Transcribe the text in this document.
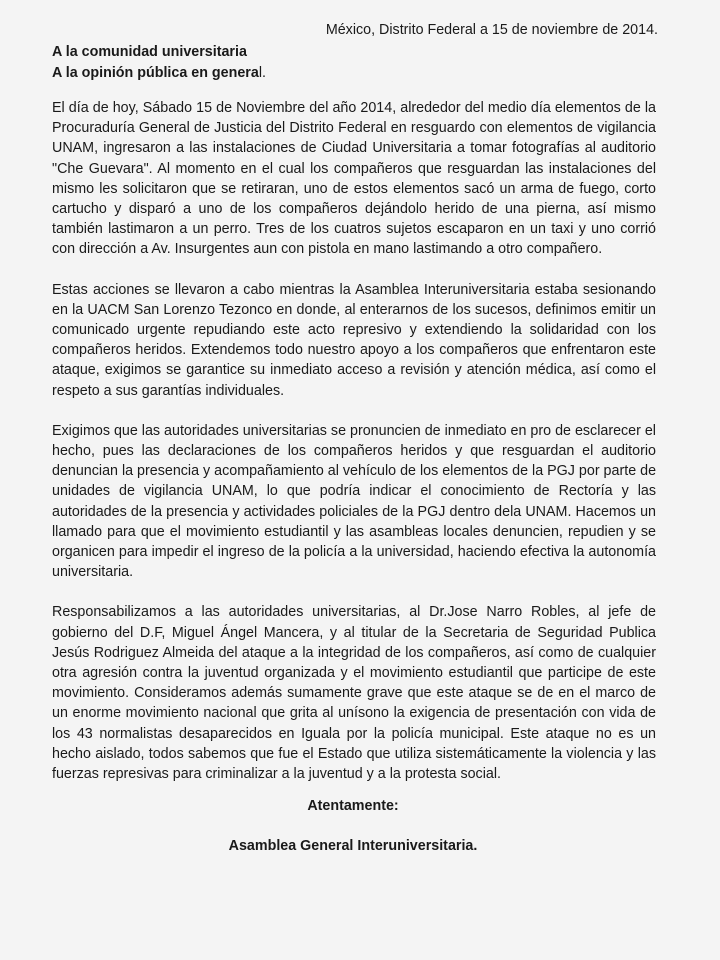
México, Distrito Federal a 15 de noviembre de 2014.
A la comunidad universitaria
A la opinión pública en general.

El día de hoy, Sábado 15 de Noviembre del año 2014, alrededor del medio día elementos de la Procuraduría General de Justicia del Distrito Federal en resguardo con elementos de vigilancia UNAM, ingresaron a las instalaciones de Ciudad Universitaria a tomar fotografías al auditorio "Che Guevara". Al momento en el cual los compañeros que resguardan las instalaciones del mismo les solicitaron que se retiraran, uno de estos elementos sacó un arma de fuego, corto cartucho y disparó a uno de los compañeros dejándolo herido de una pierna, así mismo también lastimaron a un perro. Tres de los cuatros sujetos escaparon en un taxi y uno corrió con dirección a Av. Insurgentes aun con pistola en mano lastimando a otro compañero.

Estas acciones se llevaron a cabo mientras la Asamblea Interuniversitaria estaba sesionando en la UACM San Lorenzo Tezonco en donde, al enterarnos de los sucesos, definimos emitir un comunicado urgente repudiando este acto represivo y extendiendo la solidaridad con los compañeros heridos. Extendemos todo nuestro apoyo a los compañeros que enfrentaron este ataque, exigimos se garantice su inmediato acceso a revisión y atención médica, así como el respeto a sus garantías individuales.

Exigimos que las autoridades universitarias se pronuncien de inmediato en pro de esclarecer el hecho, pues las declaraciones de los compañeros heridos y que resguardan el auditorio denuncian la presencia y acompañamiento al vehículo de los elementos de la PGJ por parte de unidades de vigilancia UNAM, lo que podría indicar el conocimiento de Rectoría y las autoridades de la presencia y actividades policiales de la PGJ dentro dela UNAM. Hacemos un llamado para que el movimiento estudiantil y las asambleas locales denuncien, repudien y se organicen para impedir el ingreso de la policía a la universidad, haciendo efectiva la autonomía universitaria.

Responsabilizamos a las autoridades universitarias, al Dr.Jose Narro Robles, al jefe de gobierno del D.F, Miguel Ángel Mancera, y al titular de la Secretaria de Seguridad Publica Jesús Rodriguez Almeida del ataque a la integridad de los compañeros, así como de cualquier otra agresión contra la juventud organizada y el movimiento estudiantil que participe de este movimiento. Consideramos además sumamente grave que este ataque se de en el marco de un enorme movimiento nacional que grita al unísono la exigencia de presentación con vida de los 43 normalistas desaparecidos en Iguala por la policía municipal. Este ataque no es un hecho aislado, todos sabemos que fue el Estado que utiliza sistemáticamente la violencia y las fuerzas represivas para criminalizar a la juventud y a la protesta social.

Atentamente:
Asamblea General Interuniversitaria.
